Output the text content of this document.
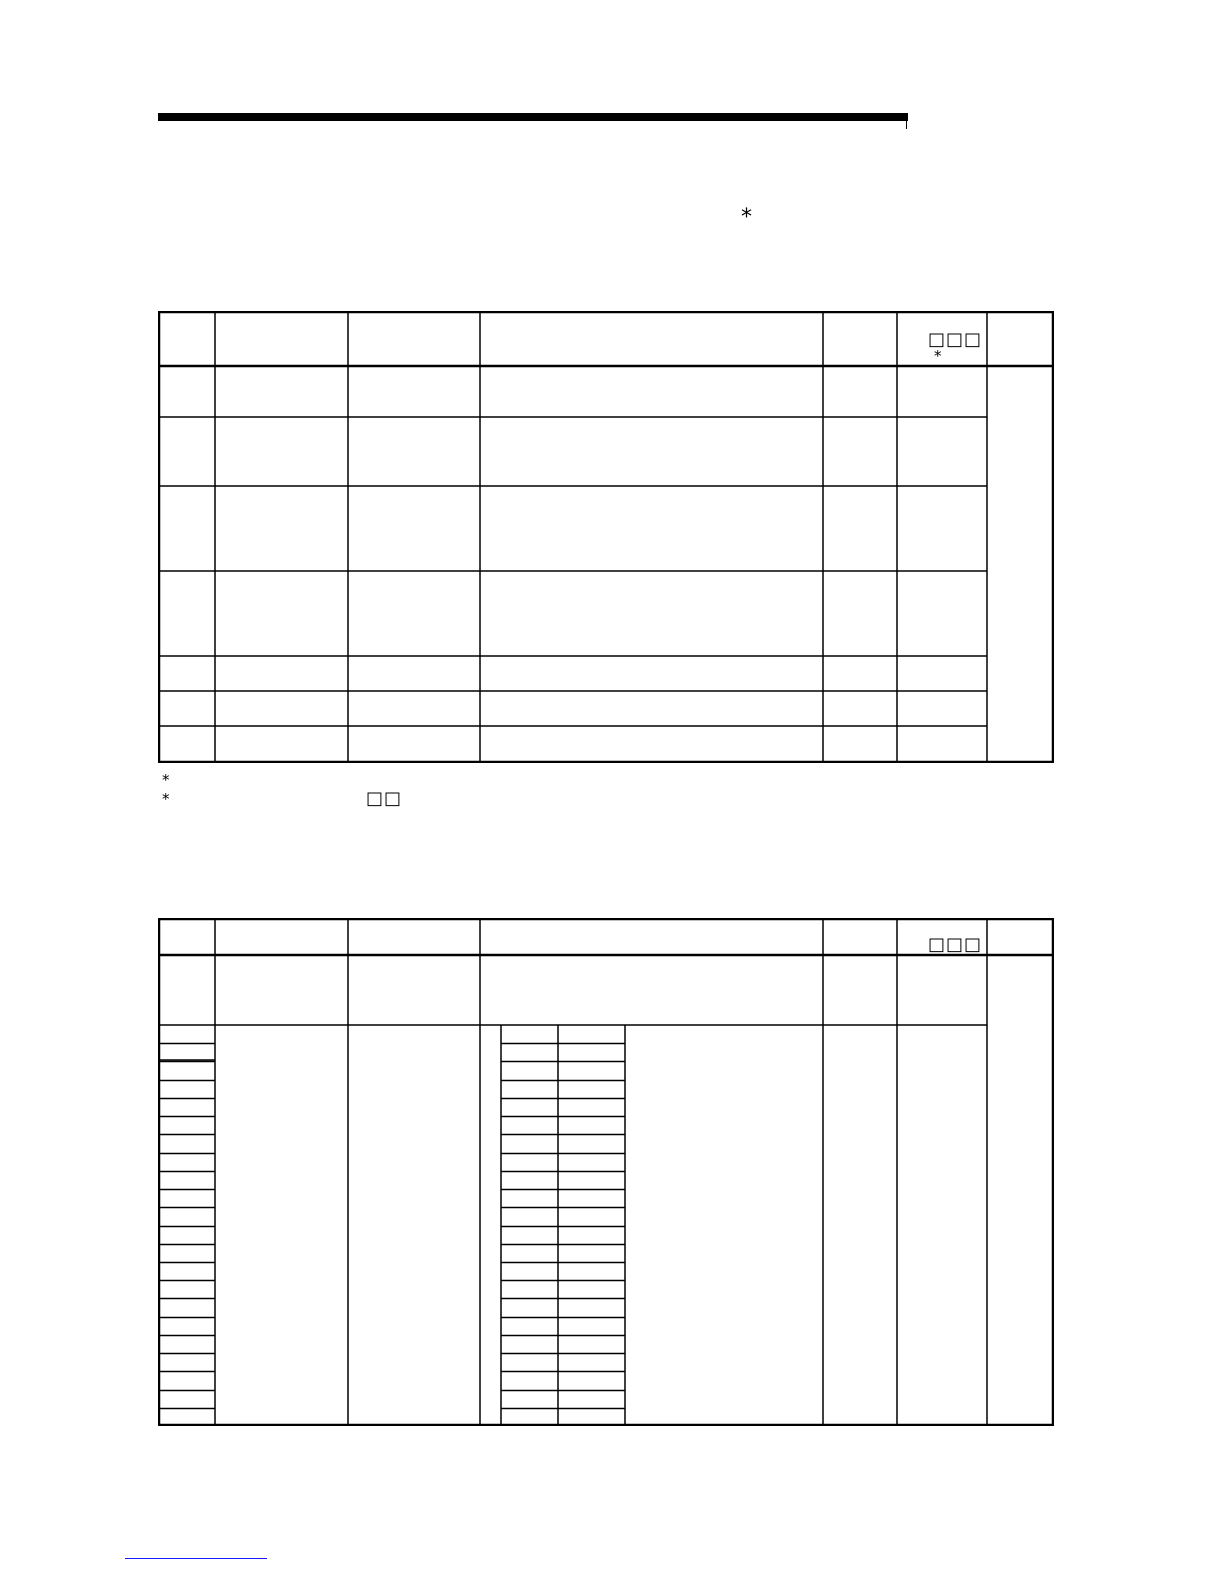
*
□□□
*
*
*	□□
□□□
